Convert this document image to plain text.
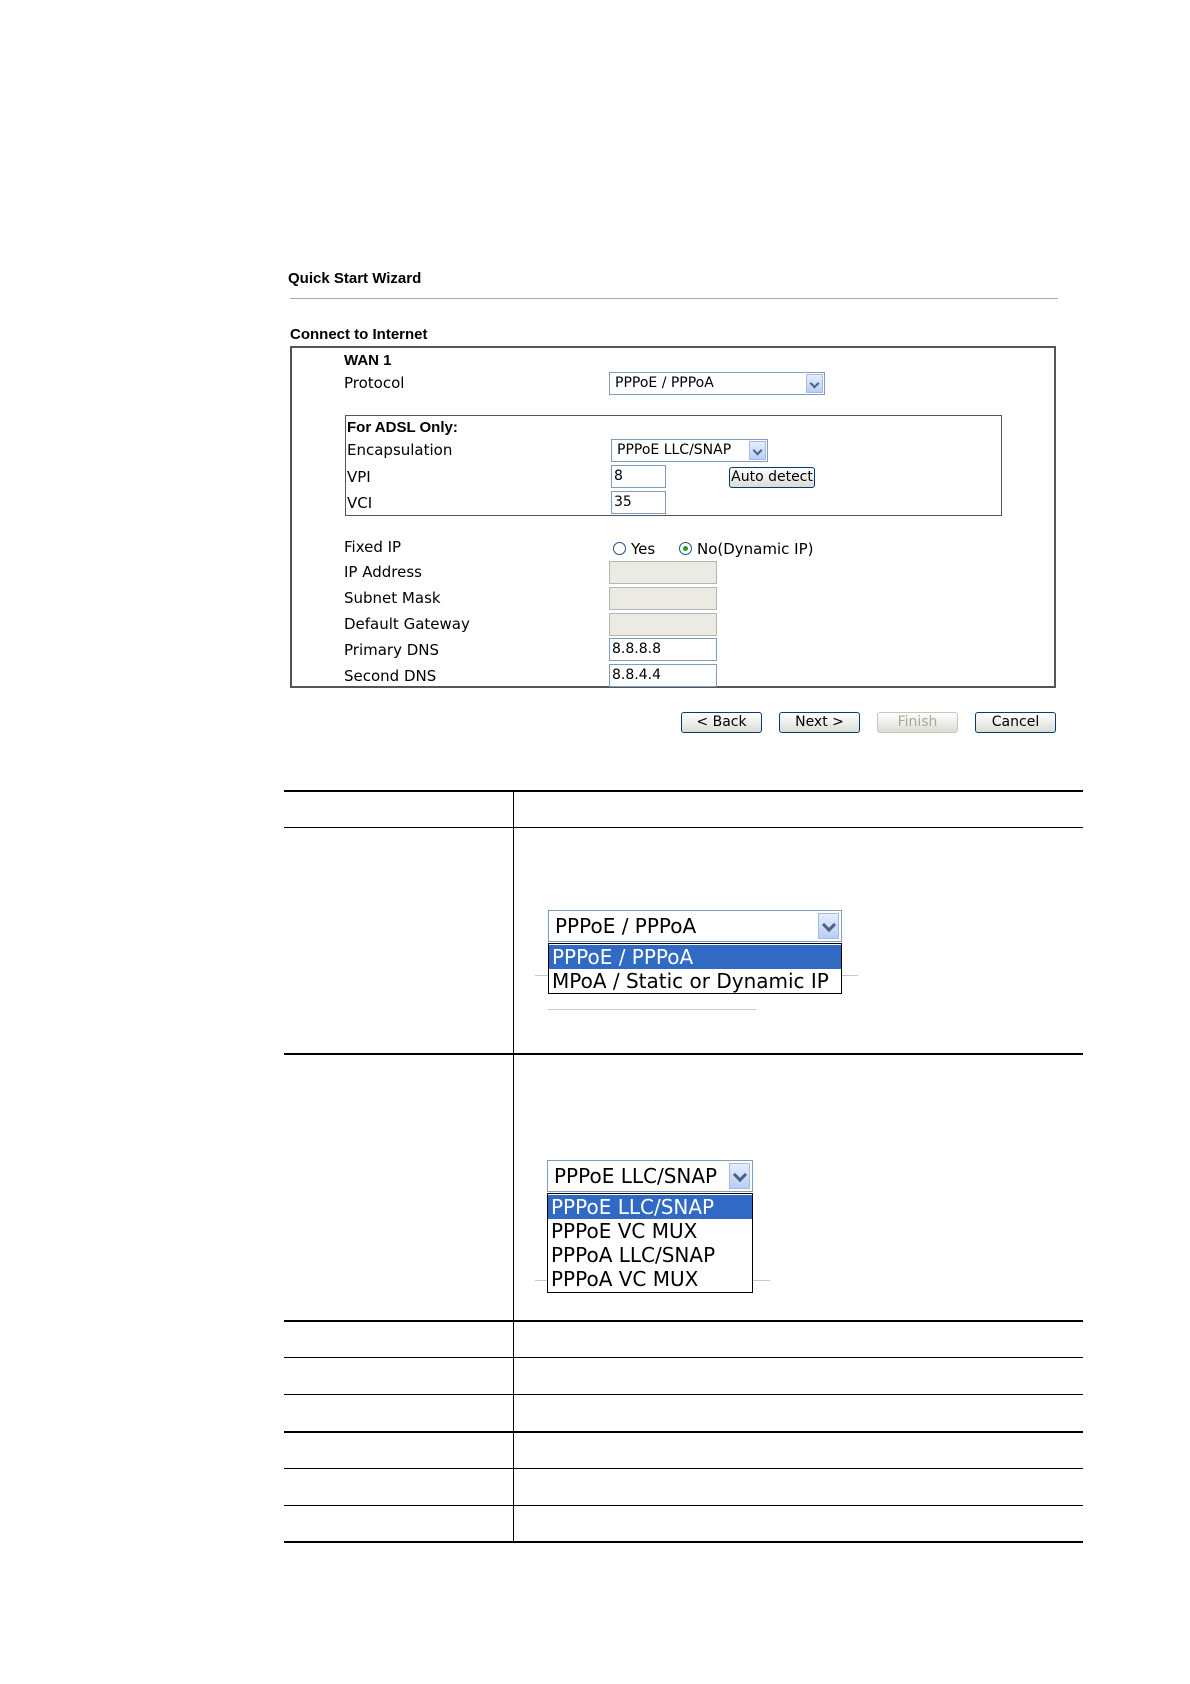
Quick Start Wizard
Connect to Internet
WAN 1
Protocol	PPPoE / PPPoA
For ADSL Only:
Encapsulation	PPPoE LLC/SNAP
VPI	8	Auto detect
VCI	35
Fixed IP	Yes	No(Dynamic IP)
IP Address
Subnet Mask
Default Gateway
Primary DNS	8.8.8.8
Second DNS	8.8.4.4
< Back	Next >	Finish	Cancel
PPPoE / PPPoA
PPPoE / PPPoA
MPoA / Static or Dynamic IP
PPPoE LLC/SNAP
PPPoE LLC/SNAP
PPPoE VC MUX
PPPoA LLC/SNAP
PPPoA VC MUX
